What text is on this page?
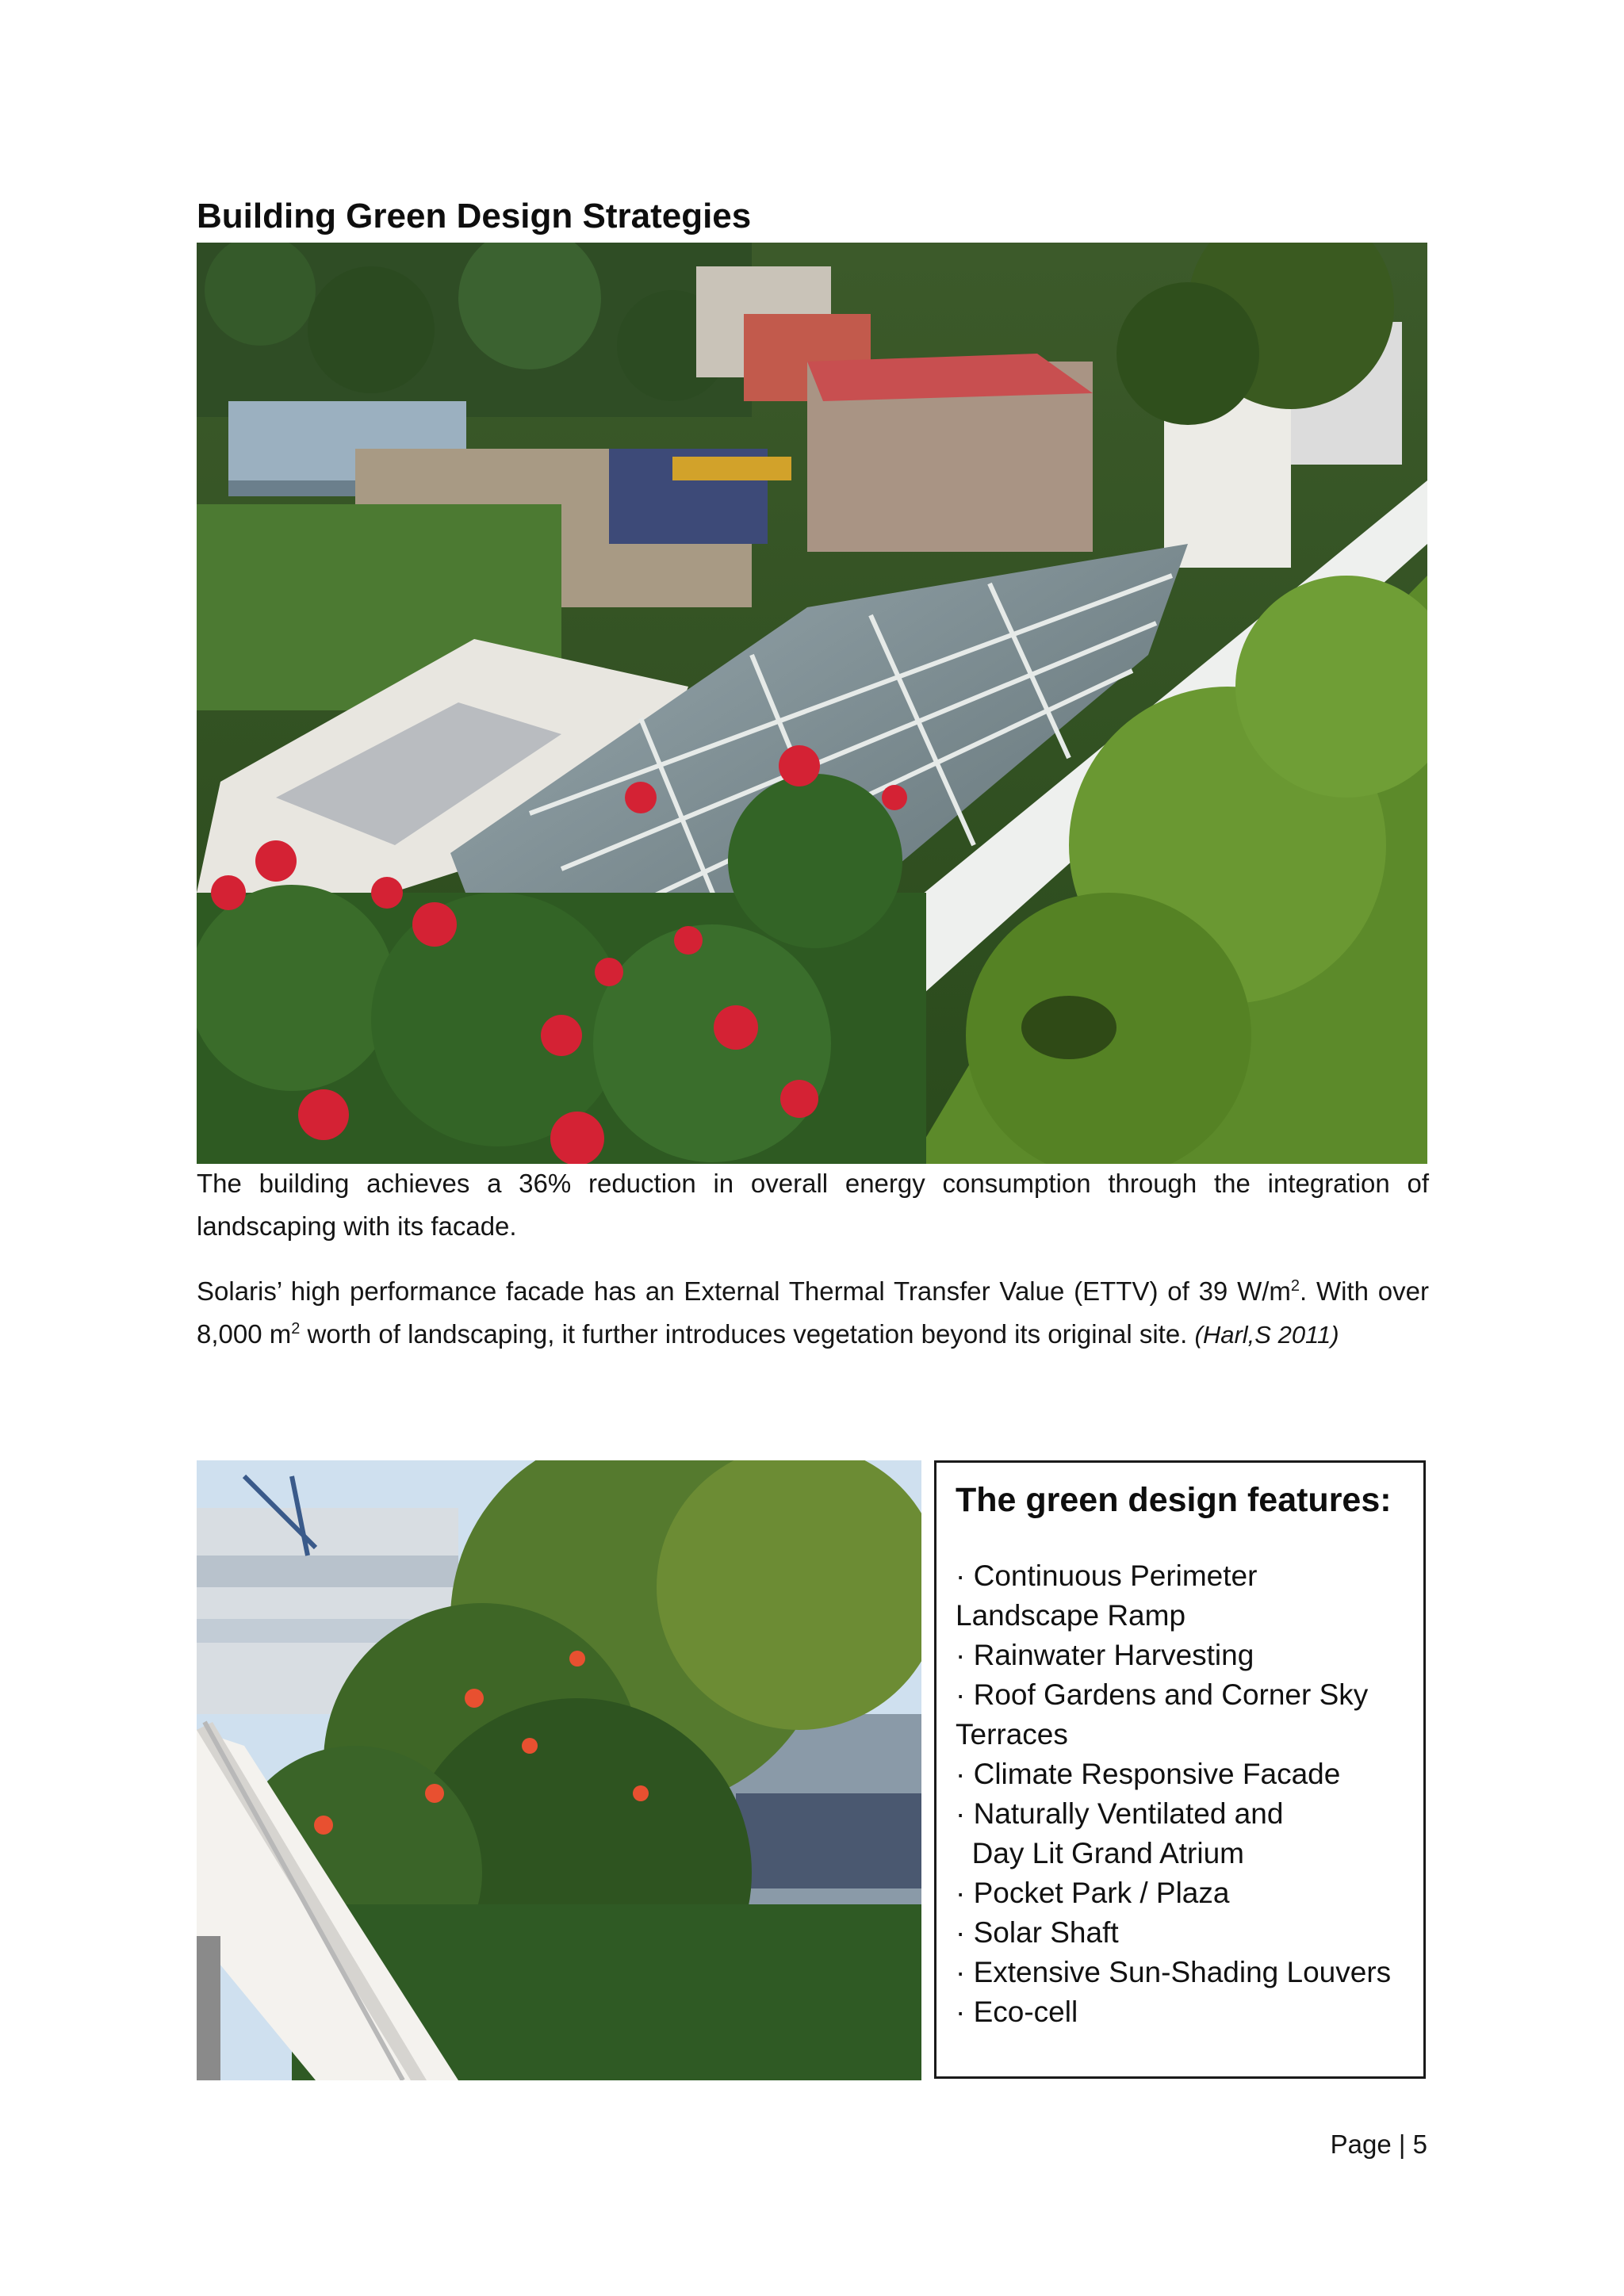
Building Green Design Strategies
The building achieves a 36% reduction in overall energy consumption through the integration of landscaping with its facade.
Solaris’ high performance facade has an External Thermal Transfer Value (ETTV) of 39 $W/m^2$. With over 8,000 $m^2$ worth of landscaping, it further introduces vegetation beyond its original site. (Harl,S 2011)
The green design features:
· Continuous Perimeter Landscape Ramp
· Rainwater Harvesting
· Roof Gardens and Corner Sky Terraces
· Climate Responsive Facade
· Naturally Ventilated and
Day Lit Grand Atrium
· Pocket Park / Plaza
· Solar Shaft
· Extensive Sun-Shading Louvers
· Eco-cell
Page | 5
